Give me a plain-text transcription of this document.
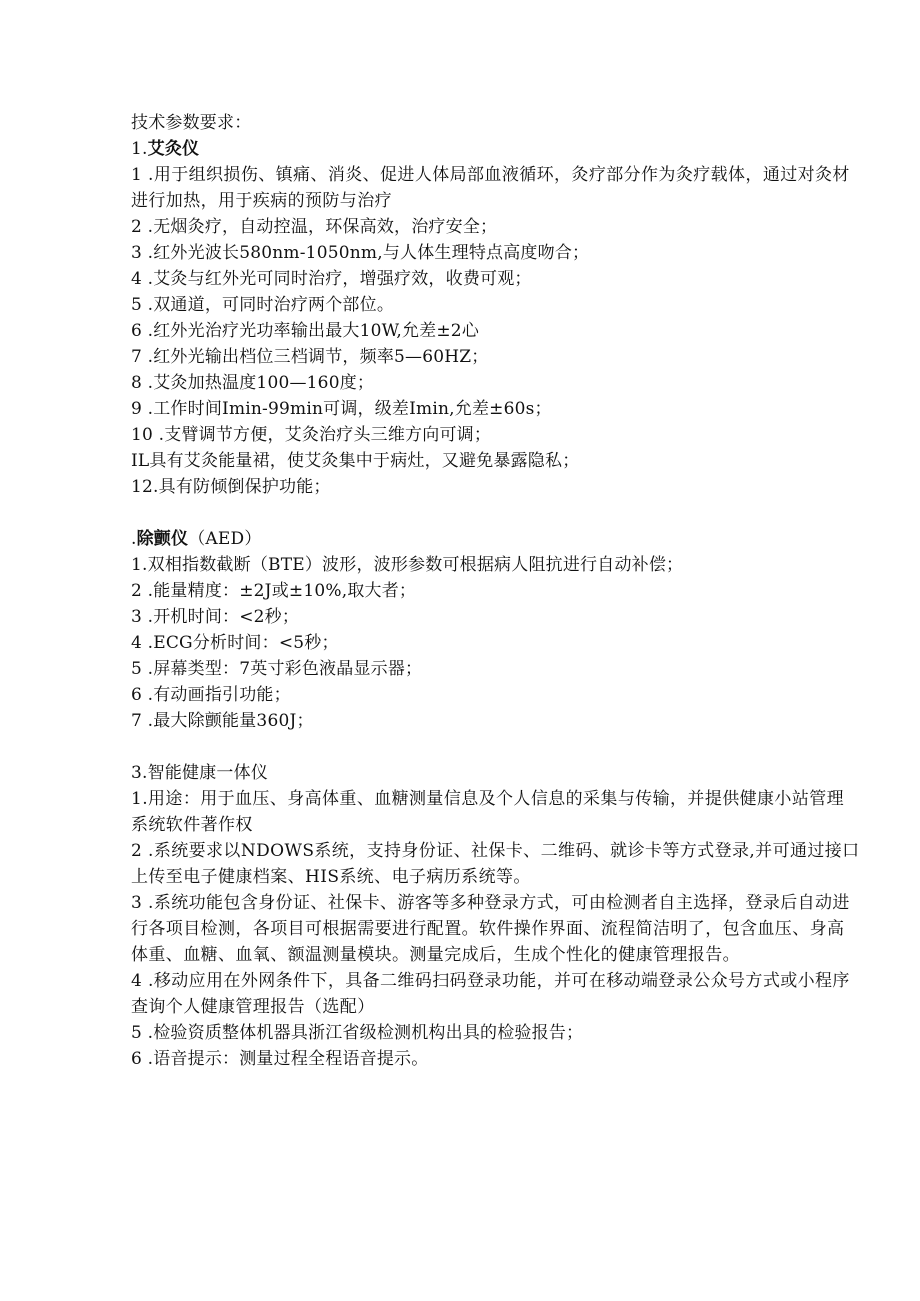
技术参数要求：
1.艾灸仪
1 .用于组织损伤、镇痛、消炎、促进人体局部血液循环，灸疗部分作为灸疗载体，通过对灸材进行加热，用于疾病的预防与治疗
2 .无烟灸疗，自动控温，环保高效，治疗安全；
3 .红外光波长580nm-1050nm,与人体生理特点高度吻合；
4 .艾灸与红外光可同时治疗，增强疗效，收费可观；
5 .双通道，可同时治疗两个部位。
6 .红外光治疗光功率输出最大10W,允差±2心
7 .红外光输出档位三档调节，频率5—60HZ；
8 .艾灸加热温度100—160度；
9 .工作时间Imin-99min可调，级差Imin,允差±60s；
10 .支臂调节方便，艾灸治疗头三维方向可调；
IL具有艾灸能量裙，使艾灸集中于病灶，又避免暴露隐私；
12.具有防倾倒保护功能；
.除颤仪（AED）
1.双相指数截断（BTE）波形，波形参数可根据病人阻抗进行自动补偿；
2 .能量精度：±2J或±10%,取大者；
3 .开机时间：<2秒；
4 .ECG分析时间：<5秒；
5 .屏幕类型：7英寸彩色液晶显示器；
6 .有动画指引功能；
7 .最大除颤能量360J；
3.智能健康一体仪
1.用途：用于血压、身高体重、血糖测量信息及个人信息的采集与传输，并提供健康小站管理系统软件著作权
2 .系统要求以NDOWS系统，支持身份证、社保卡、二维码、就诊卡等方式登录,并可通过接口上传至电子健康档案、HIS系统、电子病历系统等。
3 .系统功能包含身份证、社保卡、游客等多种登录方式，可由检测者自主选择，登录后自动进行各项目检测，各项目可根据需要进行配置。软件操作界面、流程简洁明了，包含血压、身高体重、血糖、血氧、额温测量模块。测量完成后，生成个性化的健康管理报告。
4 .移动应用在外网条件下，具备二维码扫码登录功能，并可在移动端登录公众号方式或小程序查询个人健康管理报告（选配）
5 .检验资质整体机器具浙江省级检测机构出具的检验报告；
6 .语音提示：测量过程全程语音提示。
